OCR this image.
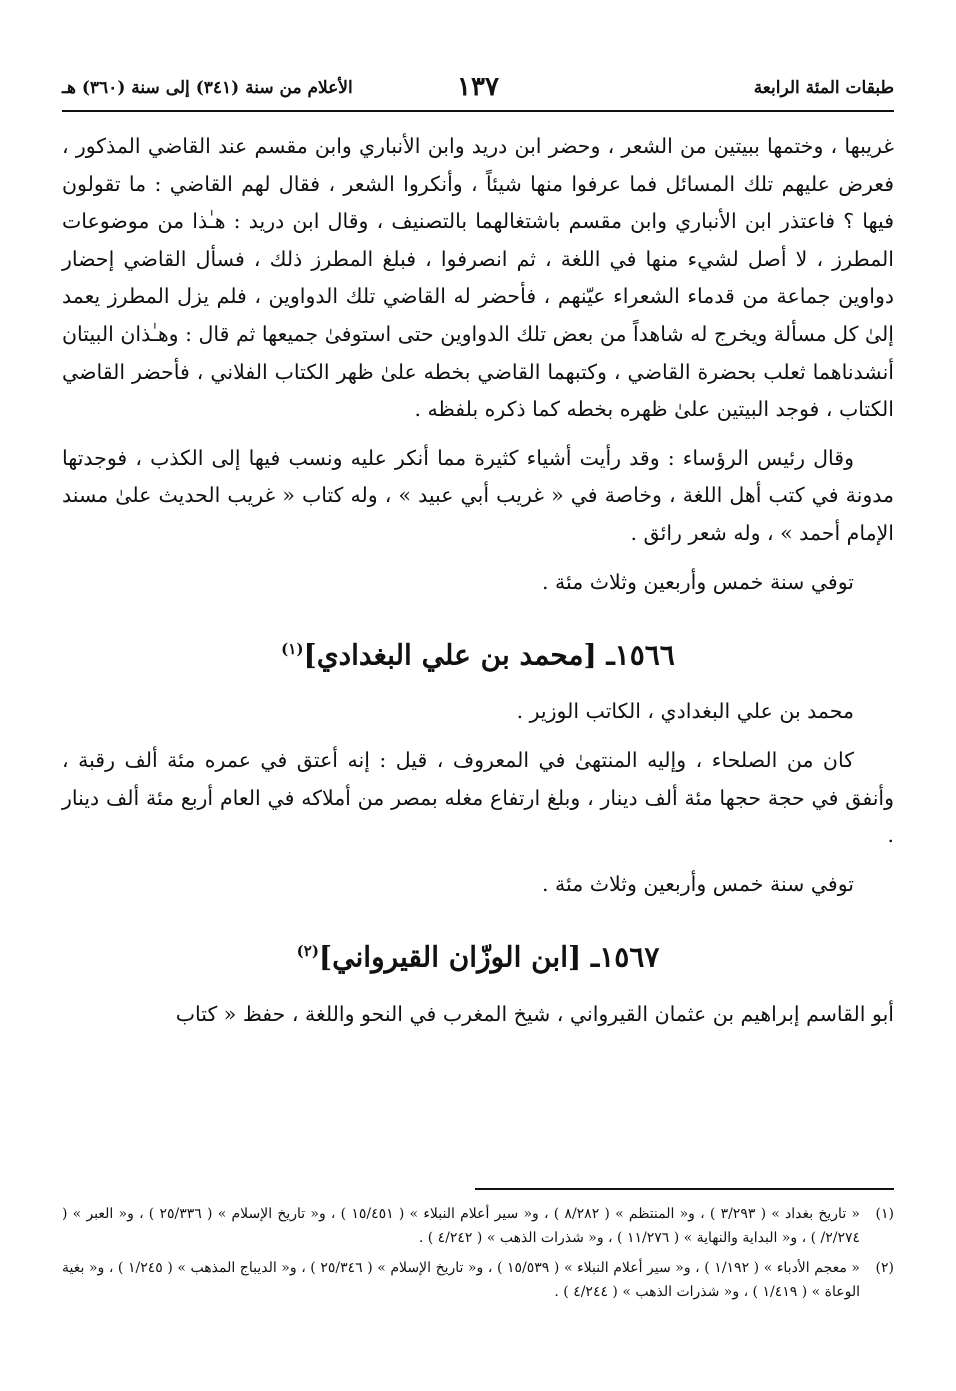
طبقات المئة الرابعة
١٣٧
الأعلام من سنة (٣٤١) إلى سنة (٣٦٠) هـ

غريبها ، وختمها ببيتين من الشعر ، وحضر ابن دريد وابن الأنباري وابن مقسم عند القاضي المذكور ، فعرض عليهم تلك المسائل فما عرفوا منها شيئاً ، وأنكروا الشعر ، فقال لهم القاضي : ما تقولون فيها ؟ فاعتذر ابن الأنباري وابن مقسم باشتغالهما بالتصنيف ، وقال ابن دريد : هـٰذا من موضوعات المطرز ، لا أصل لشيء منها في اللغة ، ثم انصرفوا ، فبلغ المطرز ذلك ، فسأل القاضي إحضار دواوين جماعة من قدماء الشعراء عيّنهم ، فأحضر له القاضي تلك الدواوين ، فلم يزل المطرز يعمد إلىٰ كل مسألة ويخرج له شاهداً من بعض تلك الدواوين حتى استوفىٰ جميعها ثم قال : وهـٰذان البيتان أنشدناهما ثعلب بحضرة القاضي ، وكتبهما القاضي بخطه علىٰ ظهر الكتاب الفلاني ، فأحضر القاضي الكتاب ، فوجد البيتين علىٰ ظهره بخطه كما ذكره بلفظه .

وقال رئيس الرؤساء : وقد رأيت أشياء كثيرة مما أنكر عليه ونسب فيها إلى الكذب ، فوجدتها مدونة في كتب أهل اللغة ، وخاصة في « غريب أبي عبيد » ، وله كتاب « غريب الحديث علىٰ مسند الإمام أحمد » ، وله شعر رائق .

توفي سنة خمس وأربعين وثلاث مئة .

١٥٦٦ـ [محمد بن علي البغدادي]$^{(١)}$

محمد بن علي البغدادي ، الكاتب الوزير .

كان من الصلحاء ، وإليه المنتهىٰ في المعروف ، قيل : إنه أعتق في عمره مئة ألف رقبة ، وأنفق في حجة حجها مئة ألف دينار ، وبلغ ارتفاع مغله بمصر من أملاكه في العام أربع مئة ألف دينار .

توفي سنة خمس وأربعين وثلاث مئة .

١٥٦٧ـ [ابن الوزّان القيرواني]$^{(٢)}$

أبو القاسم إبراهيم بن عثمان القيرواني ، شيخ المغرب في النحو واللغة ، حفظ « كتاب

(١)
« تاريخ بغداد » ( ٣/٢٩٣ ) ، و« المنتظم » ( ٨/٢٨٢ ) ، و« سير أعلام النبلاء » ( ١٥/٤٥١ ) ، و« تاريخ الإسلام » ( ٢٥/٣٣٦ ) ، و« العبر » ( ٢/٢٧٤/ ) ، و« البداية والنهاية » ( ١١/٢٧٦ ) ، و« شذرات الذهب » ( ٤/٢٤٢ ) .
(٢)
« معجم الأدباء » ( ١/١٩٢ ) ، و« سير أعلام النبلاء » ( ١٥/٥٣٩ ) ، و« تاريخ الإسلام » ( ٢٥/٣٤٦ ) ، و« الديباج المذهب » ( ١/٢٤٥ ) ، و« بغية الوعاة » ( ١/٤١٩ ) ، و« شذرات الذهب » ( ٤/٢٤٤ ) .
